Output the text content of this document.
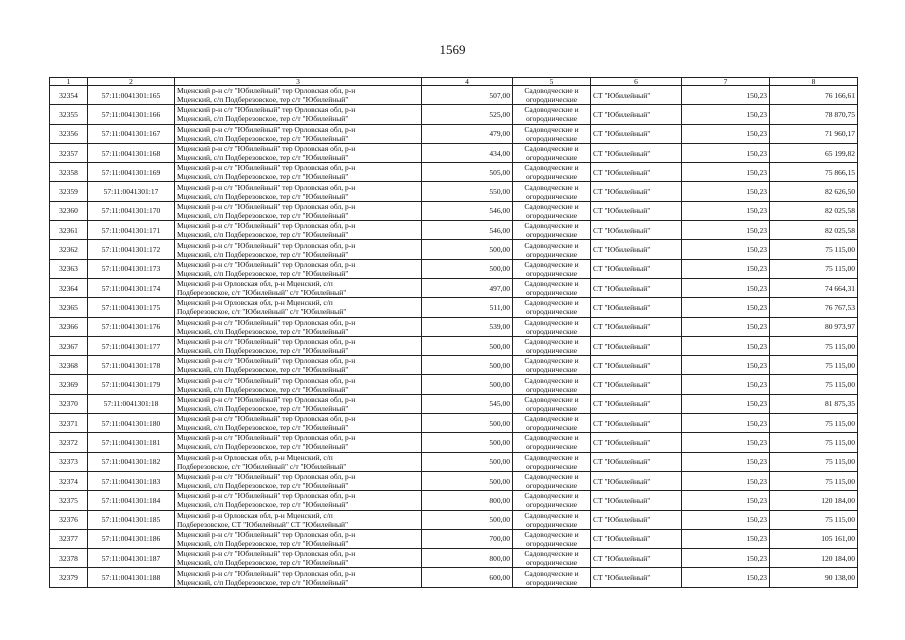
1569
1	2	3	4	5	6	7	8
32354	57:11:0041301:165	Мценский р-н с/т "Юбилейный" тер Орловская обл, р-н
Мценский, с/п Подберезовское, тер с/т "Юбилейный"	507,00	Садоводческие и
огороднические	СТ "Юбилейный"	150,23	76 166,61
32355	57:11:0041301:166	Мценский р-н с/т "Юбилейный" тер Орловская обл, р-н
Мценский, с/п Подберезовское, тер с/т "Юбилейный"	525,00	Садоводческие и
огороднические	СТ "Юбилейный"	150,23	78 870,75
32356	57:11:0041301:167	Мценский р-н с/т "Юбилейный" тер Орловская обл, р-н
Мценский, с/п Подберезовское, тер с/т "Юбилейный"	479,00	Садоводческие и
огороднические	СТ "Юбилейный"	150,23	71 960,17
32357	57:11:0041301:168	Мценский р-н с/т "Юбилейный" тер Орловская обл, р-н
Мценский, с/п Подберезовское, тер с/т "Юбилейный"	434,00	Садоводческие и
огороднические	СТ "Юбилейный"	150,23	65 199,82
32358	57:11:0041301:169	Мценский р-н с/т "Юбилейный" тер Орловская обл, р-н
Мценский, с/п Подберезовское, тер с/т "Юбилейный"	505,00	Садоводческие и
огороднические	СТ "Юбилейный"	150,23	75 866,15
32359	57:11:0041301:17	Мценский р-н с/т "Юбилейный" тер Орловская обл, р-н
Мценский, с/п Подберезовское, тер с/т "Юбилейный"	550,00	Садоводческие и
огороднические	СТ "Юбилейный"	150,23	82 626,50
32360	57:11:0041301:170	Мценский р-н с/т "Юбилейный" тер Орловская обл, р-н
Мценский, с/п Подберезовское, тер с/т "Юбилейный"	546,00	Садоводческие и
огороднические	СТ "Юбилейный"	150,23	82 025,58
32361	57:11:0041301:171	Мценский р-н с/т "Юбилейный" тер Орловская обл, р-н
Мценский, с/п Подберезовское, тер с/т "Юбилейный"	546,00	Садоводческие и
огороднические	СТ "Юбилейный"	150,23	82 025,58
32362	57:11:0041301:172	Мценский р-н с/т "Юбилейный" тер Орловская обл, р-н
Мценский, с/п Подберезовское, тер с/т "Юбилейный"	500,00	Садоводческие и
огороднические	СТ "Юбилейный"	150,23	75 115,00
32363	57:11:0041301:173	Мценский р-н с/т "Юбилейный" тер Орловская обл, р-н
Мценский, с/п Подберезовское, тер с/т "Юбилейный"	500,00	Садоводческие и
огороднические	СТ "Юбилейный"	150,23	75 115,00
32364	57:11:0041301:174	Мценский р-н Орловская обл, р-н Мценский, с/п
Подберезовское, с/т "Юбилейный" с/т "Юбилейный"	497,00	Садоводческие и
огороднические	СТ "Юбилейный"	150,23	74 664,31
32365	57:11:0041301:175	Мценский р-н Орловская обл, р-н Мценский, с/п
Подберезовское, с/т "Юбилейный" с/т "Юбилейный"	511,00	Садоводческие и
огороднические	СТ "Юбилейный"	150,23	76 767,53
32366	57:11:0041301:176	Мценский р-н с/т "Юбилейный" тер Орловская обл, р-н
Мценский, с/п Подберезовское, тер с/т "Юбилейный"	539,00	Садоводческие и
огороднические	СТ "Юбилейный"	150,23	80 973,97
32367	57:11:0041301:177	Мценский р-н с/т "Юбилейный" тер Орловская обл, р-н
Мценский, с/п Подберезовское, тер с/т "Юбилейный"	500,00	Садоводческие и
огороднические	СТ "Юбилейный"	150,23	75 115,00
32368	57:11:0041301:178	Мценский р-н с/т "Юбилейный" тер Орловская обл, р-н
Мценский, с/п Подберезовское, тер с/т "Юбилейный"	500,00	Садоводческие и
огороднические	СТ "Юбилейный"	150,23	75 115,00
32369	57:11:0041301:179	Мценский р-н с/т "Юбилейный" тер Орловская обл, р-н
Мценский, с/п Подберезовское, тер с/т "Юбилейный"	500,00	Садоводческие и
огороднические	СТ "Юбилейный"	150,23	75 115,00
32370	57:11:0041301:18	Мценский р-н с/т "Юбилейный" тер Орловская обл, р-н
Мценский, с/п Подберезовское, тер с/т "Юбилейный"	545,00	Садоводческие и
огороднические	СТ "Юбилейный"	150,23	81 875,35
32371	57:11:0041301:180	Мценский р-н с/т "Юбилейный" тер Орловская обл, р-н
Мценский, с/п Подберезовское, тер с/т "Юбилейный"	500,00	Садоводческие и
огороднические	СТ "Юбилейный"	150,23	75 115,00
32372	57:11:0041301:181	Мценский р-н с/т "Юбилейный" тер Орловская обл, р-н
Мценский, с/п Подберезовское, тер с/т "Юбилейный"	500,00	Садоводческие и
огороднические	СТ "Юбилейный"	150,23	75 115,00
32373	57:11:0041301:182	Мценский р-н Орловская обл, р-н Мценский, с/п
Подберезовское, с/т "Юбилейный" с/т "Юбилейный"	500,00	Садоводческие и
огороднические	СТ "Юбилейный"	150,23	75 115,00
32374	57:11:0041301:183	Мценский р-н с/т "Юбилейный" тер Орловская обл, р-н
Мценский, с/п Подберезовское, тер с/т "Юбилейный"	500,00	Садоводческие и
огороднические	СТ "Юбилейный"	150,23	75 115,00
32375	57:11:0041301:184	Мценский р-н с/т "Юбилейный" тер Орловская обл, р-н
Мценский, с/п Подберезовское, тер с/т "Юбилейный"	800,00	Садоводческие и
огороднические	СТ "Юбилейный"	150,23	120 184,00
32376	57:11:0041301:185	Мценский р-н Орловская обл, р-н Мценский, с/п
Подберезовское, СТ "Юбилейный" СТ "Юбилейный"	500,00	Садоводческие и
огороднические	СТ "Юбилейный"	150,23	75 115,00
32377	57:11:0041301:186	Мценский р-н с/т "Юбилейный" тер Орловская обл, р-н
Мценский, с/п Подберезовское, тер с/т "Юбилейный"	700,00	Садоводческие и
огороднические	СТ "Юбилейный"	150,23	105 161,00
32378	57:11:0041301:187	Мценский р-н с/т "Юбилейный" тер Орловская обл, р-н
Мценский, с/п Подберезовское, тер с/т "Юбилейный"	800,00	Садоводческие и
огороднические	СТ "Юбилейный"	150,23	120 184,00
32379	57:11:0041301:188	Мценский р-н с/т "Юбилейный" тер Орловская обл, р-н
Мценский, с/п Подберезовское, тер с/т "Юбилейный"	600,00	Садоводческие и
огороднические	СТ "Юбилейный"	150,23	90 138,00
